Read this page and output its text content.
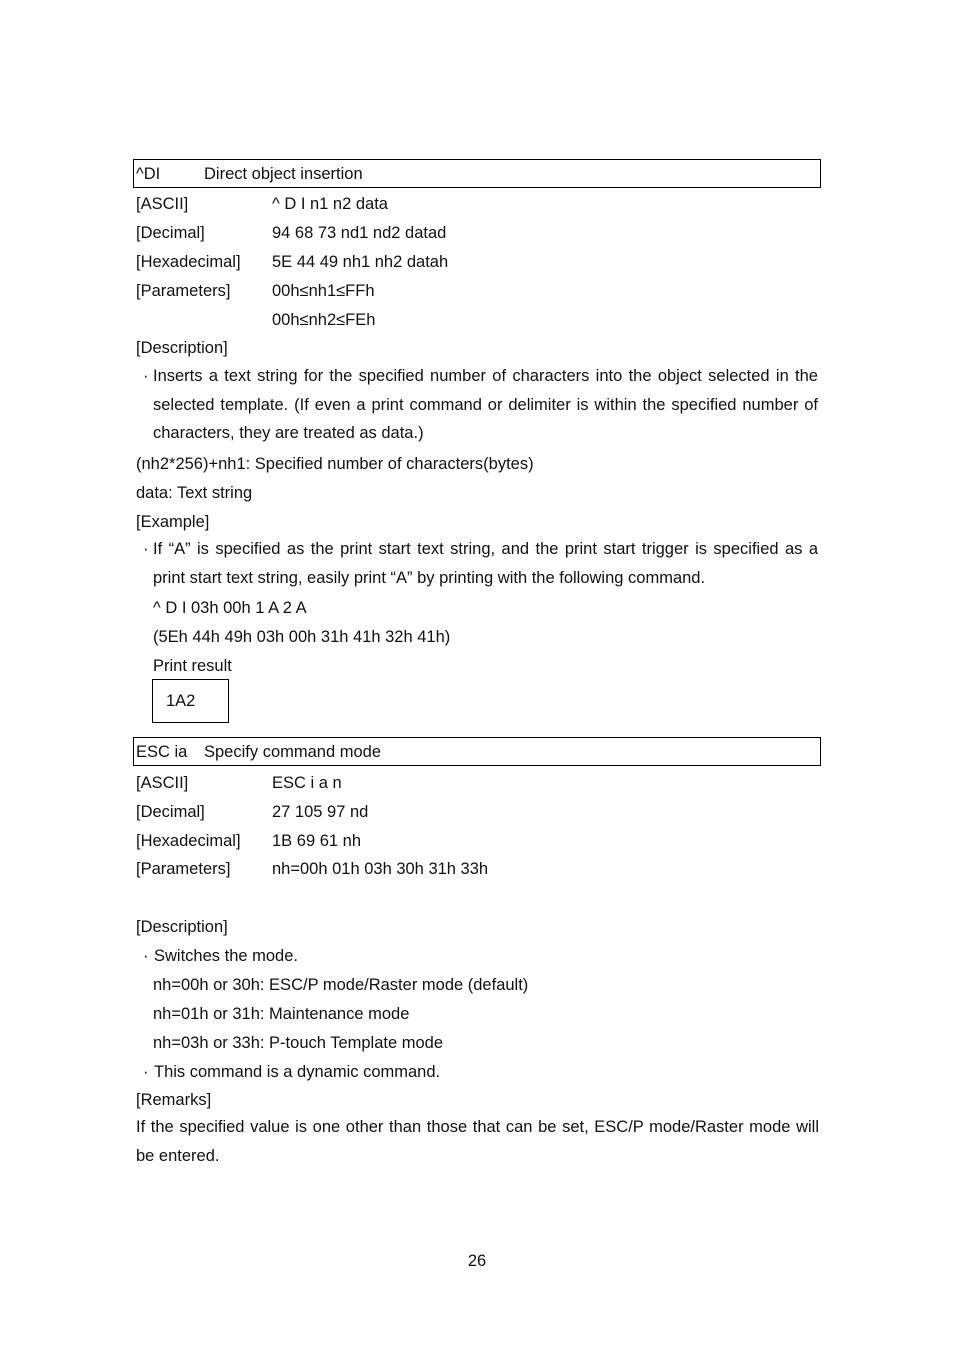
^DI	Direct object insertion
[ASCII]	^ D I n1 n2 data
[Decimal]	94 68 73 nd1 nd2 datad
[Hexadecimal] 5E 44 49 nh1 nh2 datah
[Parameters]	00h≤nh1≤FFh
00h≤nh2≤FEh
[Description]
· Inserts a text string for the specified number of characters into the object selected in the selected template. (If even a print command or delimiter is within the specified number of characters, they are treated as data.)
(nh2*256)+nh1: Specified number of characters(bytes)
data: Text string
[Example]
· If “A” is specified as the print start text string, and the print start trigger is specified as a print start text string, easily print “A” by printing with the following command.
^ D I 03h 00h 1 A 2 A
(5Eh 44h 49h 03h 00h 31h 41h 32h 41h)
Print result
1A2
ESC ia Specify command mode
[ASCII]	ESC i a n
[Decimal]	27 105 97 nd
[Hexadecimal] 1B 69 61 nh
[Parameters]	nh=00h 01h 03h 30h 31h 33h
[Description]
· Switches the mode.
nh=00h or 30h: ESC/P mode/Raster mode (default)
nh=01h or 31h: Maintenance mode
nh=03h or 33h: P-touch Template mode
· This command is a dynamic command.
[Remarks]
If the specified value is one other than those that can be set, ESC/P mode/Raster mode will be entered.
26
